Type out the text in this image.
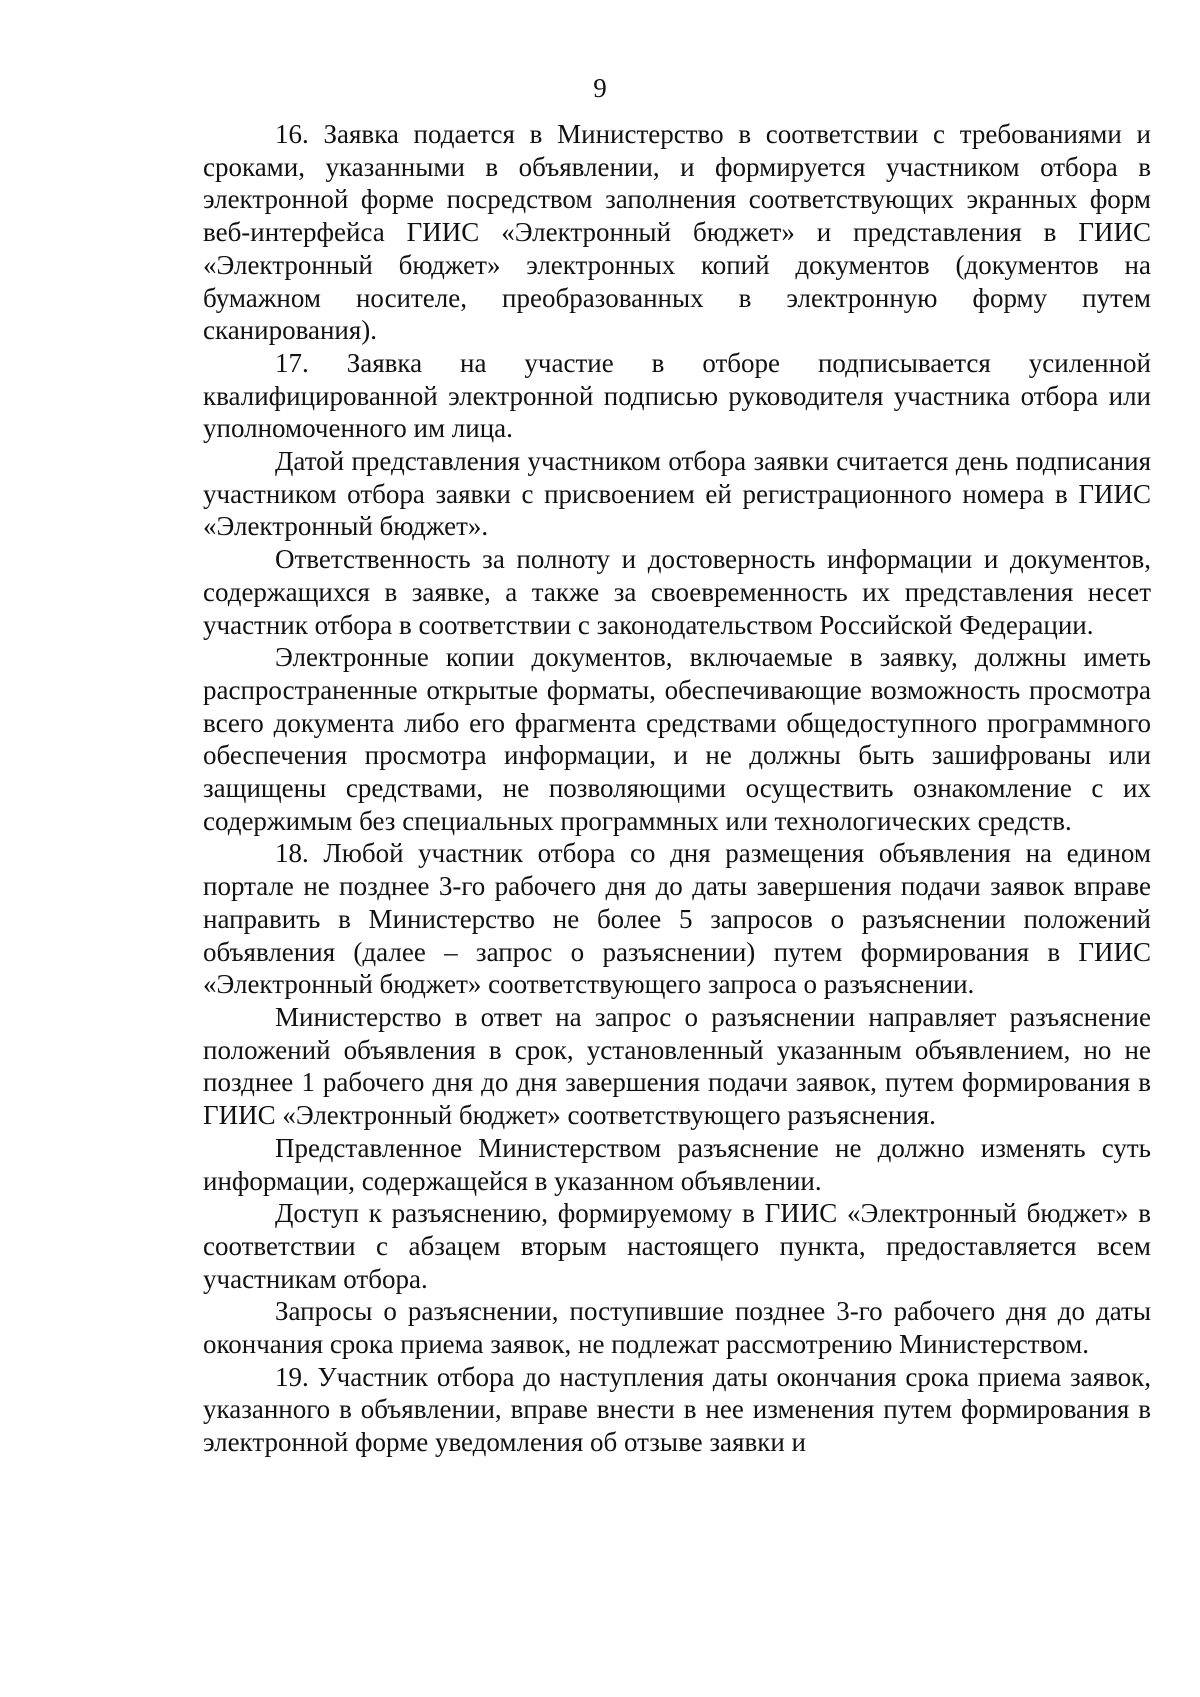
9

16. Заявка подается в Министерство в соответствии с требованиями и сроками, указанными в объявлении, и формируется участником отбора в электронной форме посредством заполнения соответствующих экранных форм веб-интерфейса ГИИС «Электронный бюджет» и представления в ГИИС «Электронный бюджет» электронных копий документов (документов на бумажном носителе, преобразованных в электронную форму путем сканирования).

17. Заявка на участие в отборе подписывается усиленной квалифицированной электронной подписью руководителя участника отбора или уполномоченного им лица.

Датой представления участником отбора заявки считается день подписания участником отбора заявки с присвоением ей регистрационного номера в ГИИС «Электронный бюджет».

Ответственность за полноту и достоверность информации и документов, содержащихся в заявке, а также за своевременность их представления несет участник отбора в соответствии с законодательством Российской Федерации.

Электронные копии документов, включаемые в заявку, должны иметь распространенные открытые форматы, обеспечивающие возможность просмотра всего документа либо его фрагмента средствами общедоступного программного обеспечения просмотра информации, и не должны быть зашифрованы или защищены средствами, не позволяющими осуществить ознакомление с их содержимым без специальных программных или технологических средств.

18. Любой участник отбора со дня размещения объявления на едином портале не позднее 3-го рабочего дня до даты завершения подачи заявок вправе направить в Министерство не более 5 запросов о разъяснении положений объявления (далее – запрос о разъяснении) путем формирования в ГИИС «Электронный бюджет» соответствующего запроса о разъяснении.

Министерство в ответ на запрос о разъяснении направляет разъяснение положений объявления в срок, установленный указанным объявлением, но не позднее 1 рабочего дня до дня завершения подачи заявок, путем формирования в ГИИС «Электронный бюджет» соответствующего разъяснения.

Представленное Министерством разъяснение не должно изменять суть информации, содержащейся в указанном объявлении.

Доступ к разъяснению, формируемому в ГИИС «Электронный бюджет» в соответствии с абзацем вторым настоящего пункта, предоставляется всем участникам отбора.

Запросы о разъяснении, поступившие позднее 3-го рабочего дня до даты окончания срока приема заявок, не подлежат рассмотрению Министерством.

19. Участник отбора до наступления даты окончания срока приема заявок, указанного в объявлении, вправе внести в нее изменения путем формирования в электронной форме уведомления об отзыве заявки и
